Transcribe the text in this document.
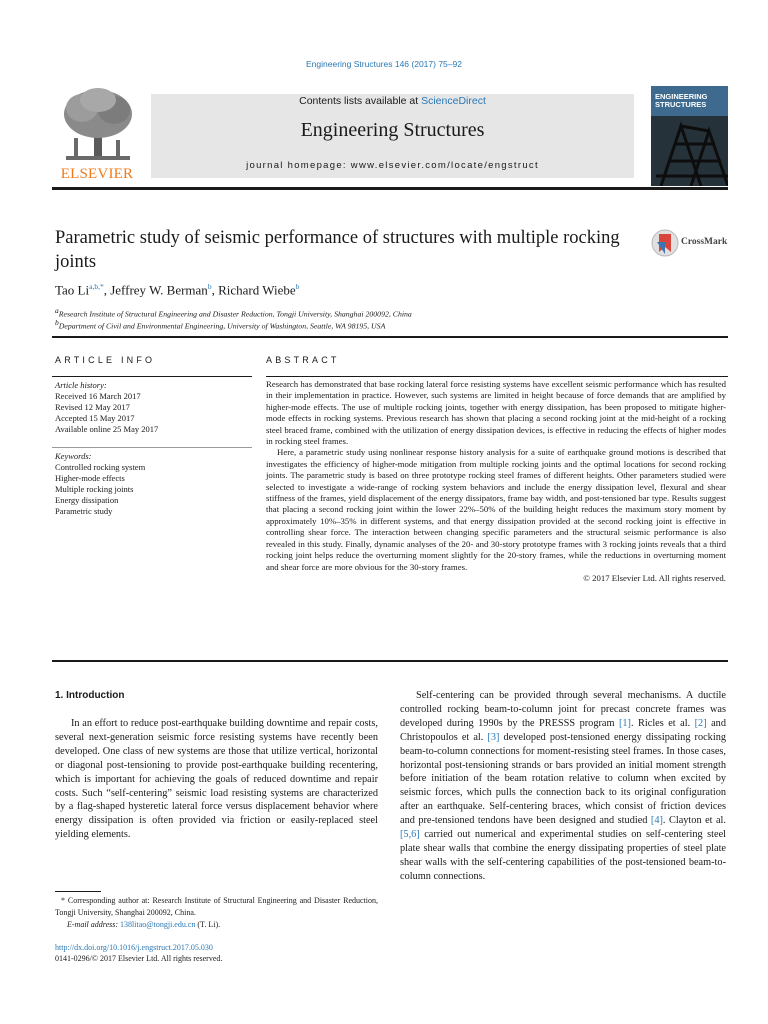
Engineering Structures 146 (2017) 75–92
ELSEVIER
Contents lists available at ScienceDirect
Engineering Structures
journal homepage: www.elsevier.com/locate/engstruct
ENGINEERING
STRUCTURES
Parametric study of seismic performance of structures with multiple rocking joints
CrossMark
Tao $Li^{a,b,*}$, Jeffrey W. Berman$^b$, Richard Wiebe$^b$
$^a$Research Institute of Structural Engineering and Disaster Reduction, Tongji University, Shanghai 200092, China
$^b$Department of Civil and Environmental Engineering, University of Washington, Seattle, WA 98195, USA
ARTICLE INFO
Article history:
Received 16 March 2017
Revised 12 May 2017
Accepted 15 May 2017
Available online 25 May 2017
Keywords:
Controlled rocking system
Higher-mode effects
Multiple rocking joints
Energy dissipation
Parametric study
ABSTRACT

Research has demonstrated that base rocking lateral force resisting systems have excellent seismic performance which has resulted in their implementation in practice. However, such systems are limited in height because of force demands that are amplified by higher-mode effects. The use of multiple rocking joints, together with energy dissipation, has been proposed to mitigate higher-mode effects in rocking systems. Previous research has shown that placing a second rocking joint at the mid-height of a rocking steel braced frame, combined with the utilization of energy dissipation devices, is effective in reducing the effects of higher modes in rocking steel frames.

Here, a parametric study using nonlinear response history analysis for a suite of earthquake ground motions is described that investigates the efficiency of higher-mode mitigation from multiple rocking joints and the optimal locations for second rocking joints. The parametric study is based on three prototype rocking steel frames of different heights. Other parameters studied were selected to investigate a wide-range of rocking system behaviors and include the energy dissipation level, flexural and shear stiffness of the frames, yield displacement of the energy dissipators, frame bay width, and post-tensioned bar type. Results suggest that placing a second rocking joint within the lower 22%–50% of the building height reduces the maximum story moment by approximately 10%–35% in different systems, and that energy dissipation provided at the second rocking joint is effective in controlling shear force. The interaction between changing specific parameters and the structural seismic performance is also revealed in this study. Finally, dynamic analyses of the 20- and 30-story prototype frames with 3 rocking joints reveals that a third rocking joint helps reduce the overturning moment slightly for the 20-story frames, while the reductions in overturning moment and shear force are more obvious for the 30-story frames.

© 2017 Elsevier Ltd. All rights reserved.

1. Introduction

In an effort to reduce post-earthquake building downtime and repair costs, several next-generation seismic force resisting systems have recently been developed. One class of new systems are those that utilize vertical, horizontal or diagonal post-tensioning to provide post-earthquake building recentering, which is important for achieving the goals of reduced downtime and repair costs. Such “self-centering” seismic load resisting systems are characterized by a flag-shaped hysteretic lateral force versus displacement behavior where energy dissipation is often provided via friction or easily-replaced steel yielding elements.

Self-centering can be provided through several mechanisms. A ductile controlled rocking beam-to-column joint for precast concrete frames was developed during 1990s by the PRESSS program [1]. Ricles et al. [2] and Christopoulos et al. [3] developed post-tensioned energy dissipating rocking beam-to-column connections for moment-resisting steel frames. In those cases, horizontal post-tensioning strands or bars provided an initial moment strength before initiation of the beam rotation relative to column when excited by seismic forces, which pulls the connection back to its original configuration after an earthquake. Self-centering braces, which consist of friction devices and pre-tensioned tendons have been designed and studied [4]. Clayton et al. [5,6] carried out numerical and experimental studies on self-centering steel plate shear walls that combine the energy dissipating properties of steel plate shear walls with the self-centering capabilities of the post-tensioned beam-to-column connections.

* Corresponding author at: Research Institute of Structural Engineering and Disaster Reduction, Tongji University, Shanghai 200092, China.
E-mail address: 138litao@tongji.edu.cn (T. Li).
http://dx.doi.org/10.1016/j.engstruct.2017.05.030
0141-0296/© 2017 Elsevier Ltd. All rights reserved.
